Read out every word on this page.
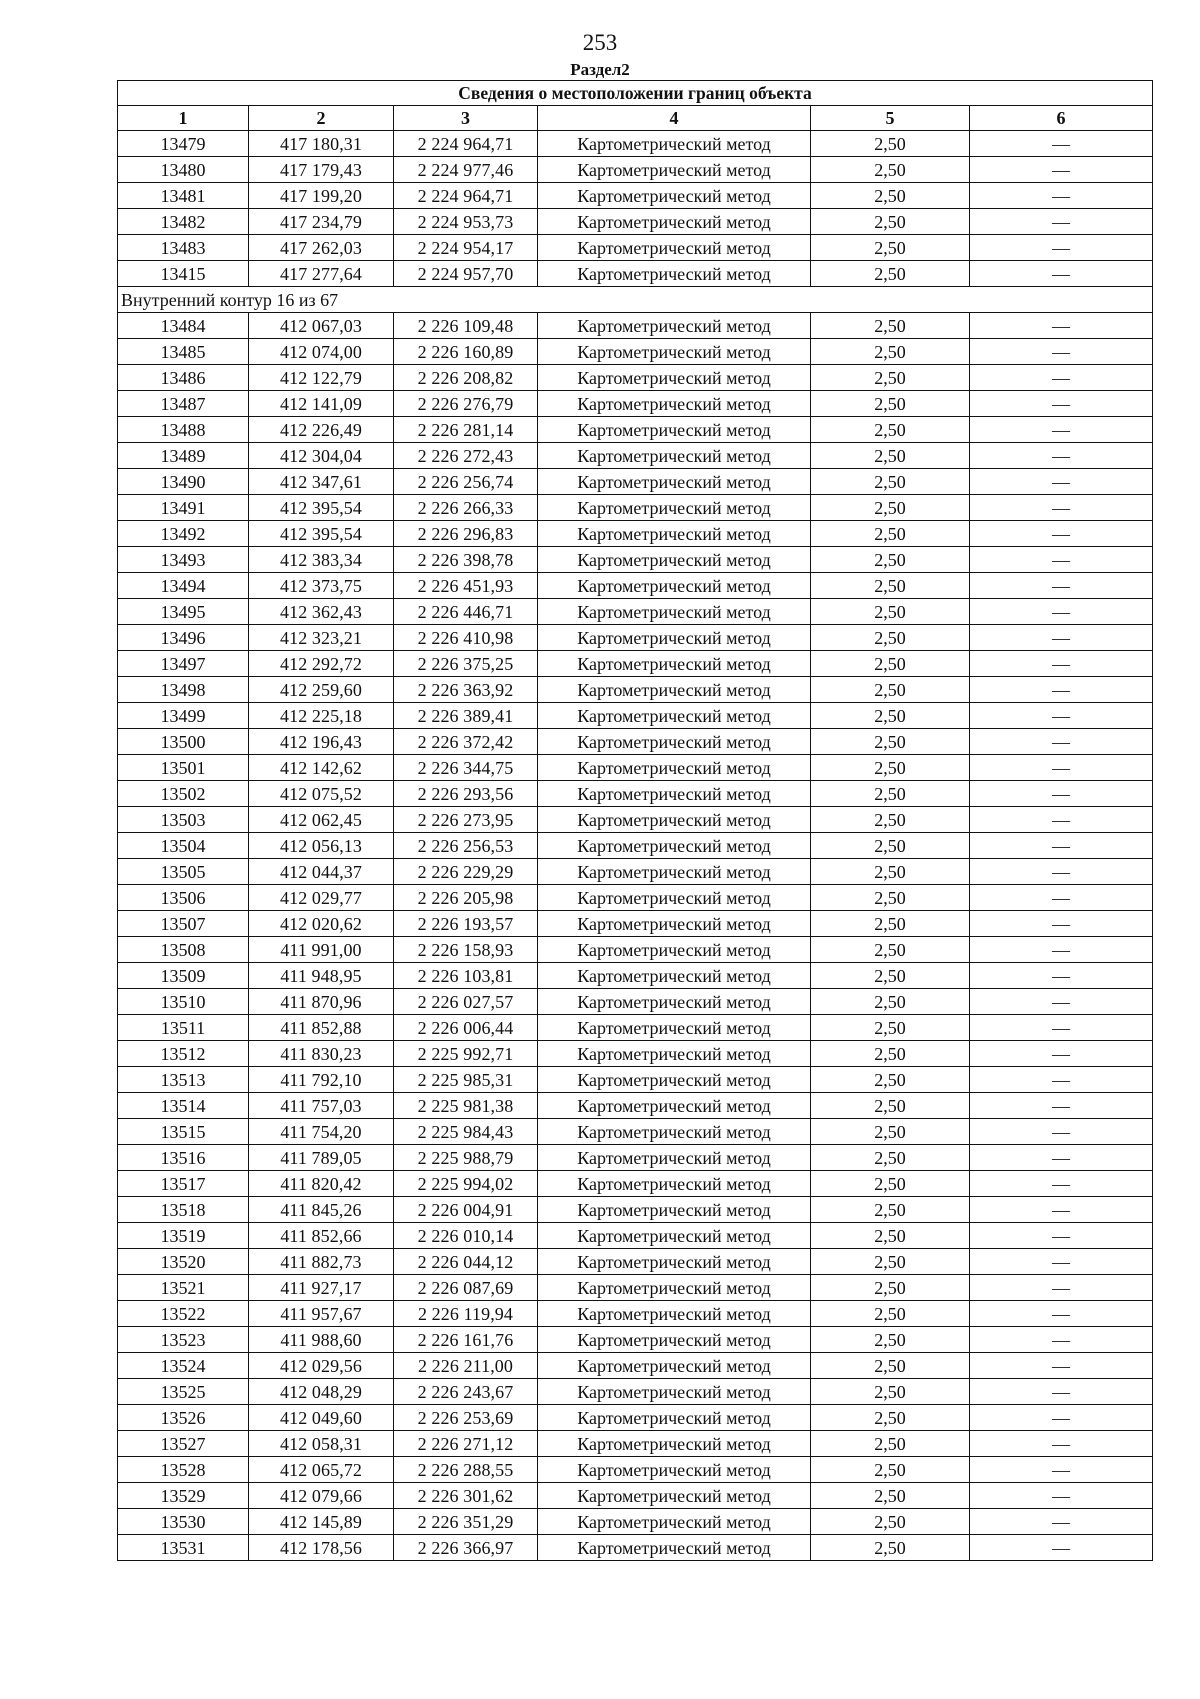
253
Раздел2
Сведения о местоположении границ объекта					
1	2	3	4	5	6
13479	417 180,31	2 224 964,71	Картометрический метод	2,50	—
13480	417 179,43	2 224 977,46	Картометрический метод	2,50	—
13481	417 199,20	2 224 964,71	Картометрический метод	2,50	—
13482	417 234,79	2 224 953,73	Картометрический метод	2,50	—
13483	417 262,03	2 224 954,17	Картометрический метод	2,50	—
13415	417 277,64	2 224 957,70	Картометрический метод	2,50	—
Внутренний контур 16 из 67					
13484	412 067,03	2 226 109,48	Картометрический метод	2,50	—
13485	412 074,00	2 226 160,89	Картометрический метод	2,50	—
13486	412 122,79	2 226 208,82	Картометрический метод	2,50	—
13487	412 141,09	2 226 276,79	Картометрический метод	2,50	—
13488	412 226,49	2 226 281,14	Картометрический метод	2,50	—
13489	412 304,04	2 226 272,43	Картометрический метод	2,50	—
13490	412 347,61	2 226 256,74	Картометрический метод	2,50	—
13491	412 395,54	2 226 266,33	Картометрический метод	2,50	—
13492	412 395,54	2 226 296,83	Картометрический метод	2,50	—
13493	412 383,34	2 226 398,78	Картометрический метод	2,50	—
13494	412 373,75	2 226 451,93	Картометрический метод	2,50	—
13495	412 362,43	2 226 446,71	Картометрический метод	2,50	—
13496	412 323,21	2 226 410,98	Картометрический метод	2,50	—
13497	412 292,72	2 226 375,25	Картометрический метод	2,50	—
13498	412 259,60	2 226 363,92	Картометрический метод	2,50	—
13499	412 225,18	2 226 389,41	Картометрический метод	2,50	—
13500	412 196,43	2 226 372,42	Картометрический метод	2,50	—
13501	412 142,62	2 226 344,75	Картометрический метод	2,50	—
13502	412 075,52	2 226 293,56	Картометрический метод	2,50	—
13503	412 062,45	2 226 273,95	Картометрический метод	2,50	—
13504	412 056,13	2 226 256,53	Картометрический метод	2,50	—
13505	412 044,37	2 226 229,29	Картометрический метод	2,50	—
13506	412 029,77	2 226 205,98	Картометрический метод	2,50	—
13507	412 020,62	2 226 193,57	Картометрический метод	2,50	—
13508	411 991,00	2 226 158,93	Картометрический метод	2,50	—
13509	411 948,95	2 226 103,81	Картометрический метод	2,50	—
13510	411 870,96	2 226 027,57	Картометрический метод	2,50	—
13511	411 852,88	2 226 006,44	Картометрический метод	2,50	—
13512	411 830,23	2 225 992,71	Картометрический метод	2,50	—
13513	411 792,10	2 225 985,31	Картометрический метод	2,50	—
13514	411 757,03	2 225 981,38	Картометрический метод	2,50	—
13515	411 754,20	2 225 984,43	Картометрический метод	2,50	—
13516	411 789,05	2 225 988,79	Картометрический метод	2,50	—
13517	411 820,42	2 225 994,02	Картометрический метод	2,50	—
13518	411 845,26	2 226 004,91	Картометрический метод	2,50	—
13519	411 852,66	2 226 010,14	Картометрический метод	2,50	—
13520	411 882,73	2 226 044,12	Картометрический метод	2,50	—
13521	411 927,17	2 226 087,69	Картометрический метод	2,50	—
13522	411 957,67	2 226 119,94	Картометрический метод	2,50	—
13523	411 988,60	2 226 161,76	Картометрический метод	2,50	—
13524	412 029,56	2 226 211,00	Картометрический метод	2,50	—
13525	412 048,29	2 226 243,67	Картометрический метод	2,50	—
13526	412 049,60	2 226 253,69	Картометрический метод	2,50	—
13527	412 058,31	2 226 271,12	Картометрический метод	2,50	—
13528	412 065,72	2 226 288,55	Картометрический метод	2,50	—
13529	412 079,66	2 226 301,62	Картометрический метод	2,50	—
13530	412 145,89	2 226 351,29	Картометрический метод	2,50	—
13531	412 178,56	2 226 366,97	Картометрический метод	2,50	—
